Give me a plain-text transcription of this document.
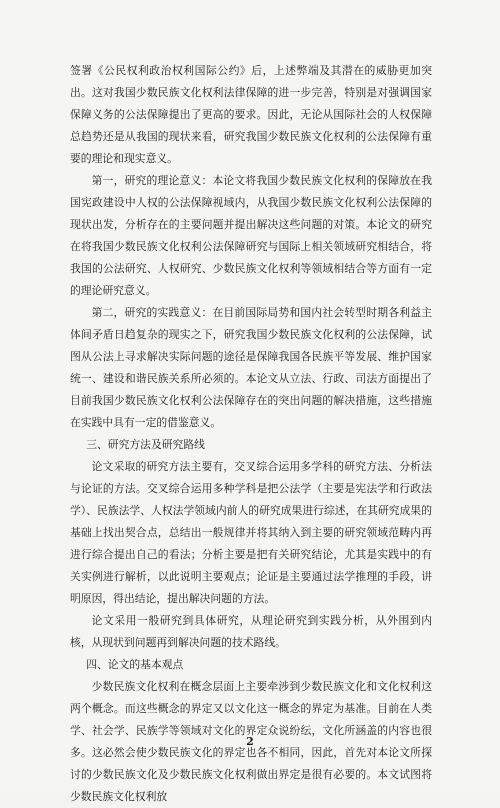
签署《公民权利政治权利国际公约》后，上述弊端及其潜在的威胁更加突出。这对我国少数民族文化权利法律保障的进一步完善，特别是对强调国家保障义务的公法保障提出了更高的要求。因此，无论从国际社会的人权保障总趋势还是从我国的现状来看，研究我国少数民族文化权利的公法保障有重要的理论和现实意义。

第一，研究的理论意义：本论文将我国少数民族文化权利的保障放在我国宪政建设中人权的公法保障视域内，从我国少数民族文化权利公法保障的现状出发，分析存在的主要问题并提出解决这些问题的对策。本论文的研究在将我国少数民族文化权利公法保障研究与国际上相关领域研究相结合，将我国的公法研究、人权研究、少数民族文化权利等领域相结合等方面有一定的理论研究意义。

第二，研究的实践意义：在目前国际局势和国内社会转型时期各利益主体间矛盾日趋复杂的现实之下，研究我国少数民族文化权利的公法保障，试图从公法上寻求解决实际问题的途径是保障我国各民族平等发展、维护国家统一、建设和谐民族关系所必须的。本论文从立法、行政、司法方面提出了目前我国少数民族文化权利公法保障存在的突出问题的解决措施，这些措施在实践中具有一定的借鉴意义。

三、研究方法及研究路线

论文采取的研究方法主要有，交叉综合运用多学科的研究方法、分析法与论证的方法。交叉综合运用多种学科是把公法学（主要是宪法学和行政法学）、民族法学、人权法学领域内前人的研究成果进行综述，在其研究成果的基础上找出契合点，总结出一般规律并将其纳入到主要的研究领域范畴内再进行综合提出自己的看法；分析主要是把有关研究结论，尤其是实践中的有关实例进行解析，以此说明主要观点；论证是主要通过法学推理的手段，讲明原因，得出结论，提出解决问题的方法。

论文采用一般研究到具体研究，从理论研究到实践分析，从外围到内核，从现状到问题再到解决问题的技术路线。

四、论文的基本观点

少数民族文化权利在概念层面上主要牵涉到少数民族文化和文化权利这两个概念。而这些概念的界定又以文化这一概念的界定为基准。目前在人类学、社会学、民族学等领域对文化的界定众说纷纭，文化所涵盖的内容也很多。这必然会使少数民族文化的界定也各不相同，因此，首先对本论文所探讨的少数民族文化及少数民族文化权利做出界定是很有必要的。本文试图将少数民族文化权利放

2
